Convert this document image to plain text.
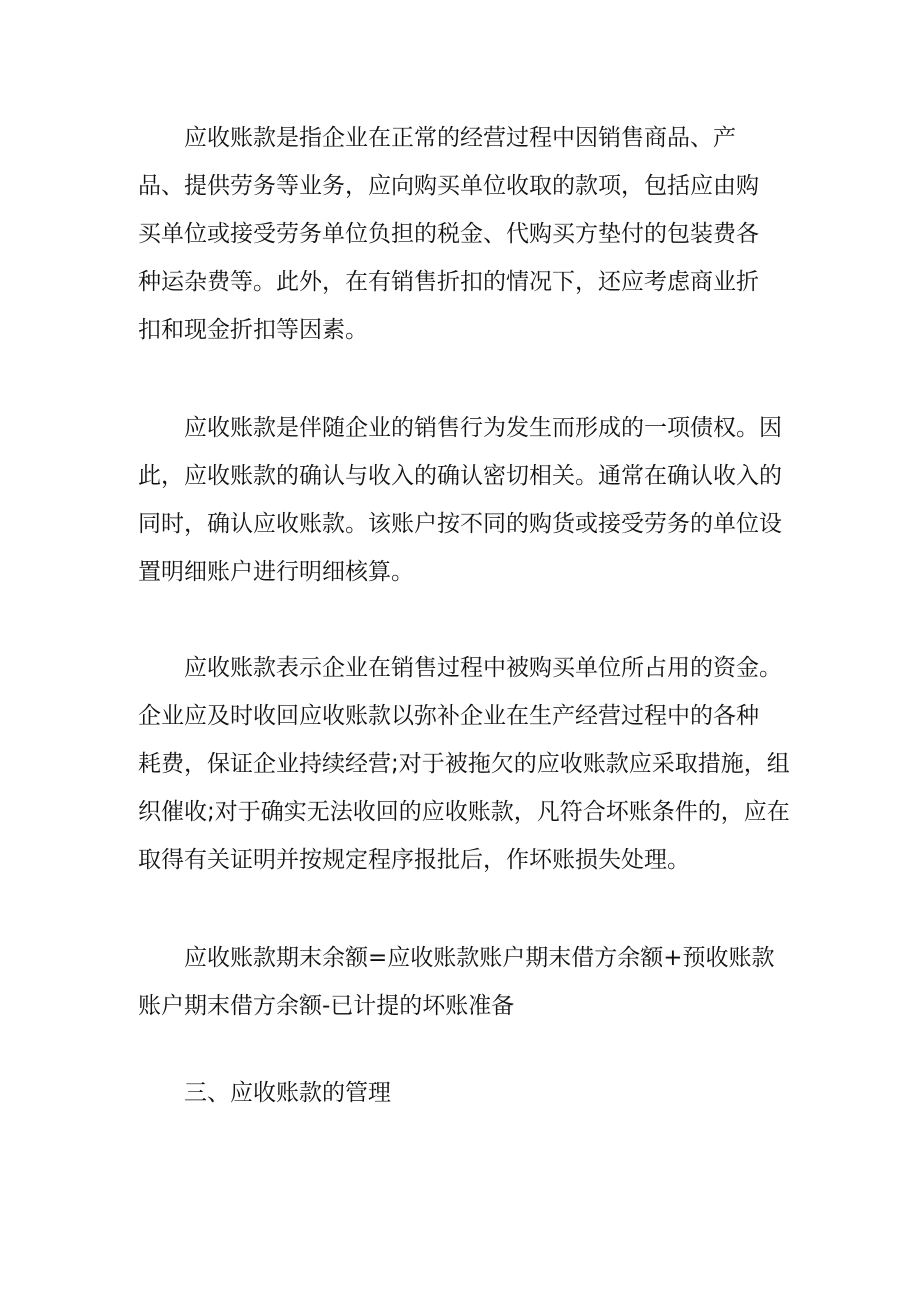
　　应收账款是指企业在正常的经营过程中因销售商品、产
品、提供劳务等业务，应向购买单位收取的款项，包括应由购
买单位或接受劳务单位负担的税金、代购买方垫付的包装费各
种运杂费等。此外，在有销售折扣的情况下，还应考虑商业折
扣和现金折扣等因素。

　　应收账款是伴随企业的销售行为发生而形成的一项债权。因
此，应收账款的确认与收入的确认密切相关。通常在确认收入的
同时，确认应收账款。该账户按不同的购货或接受劳务的单位设
置明细账户进行明细核算。

　　应收账款表示企业在销售过程中被购买单位所占用的资金。
企业应及时收回应收账款以弥补企业在生产经营过程中的各种
耗费，保证企业持续经营;对于被拖欠的应收账款应采取措施，组
织催收;对于确实无法收回的应收账款，凡符合坏账条件的，应在
取得有关证明并按规定程序报批后，作坏账损失处理。

　　应收账款期末余额=应收账款账户期末借方余额+预收账款
账户期末借方余额-已计提的坏账准备

　　三、应收账款的管理
